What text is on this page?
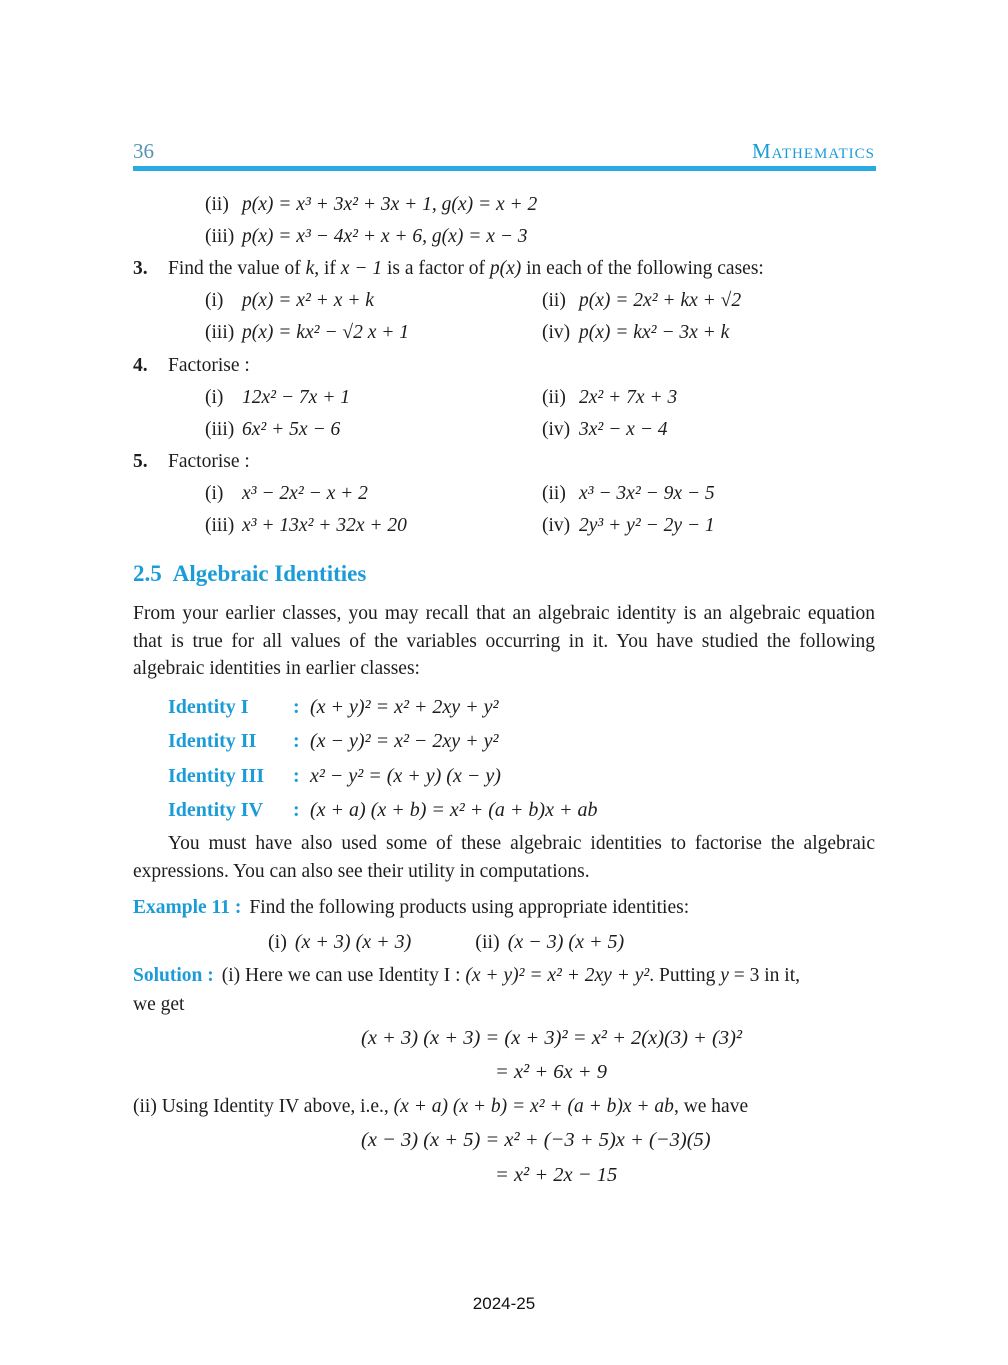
36	Mathematics
(ii) p(x) = x³ + 3x² + 3x + 1, g(x) = x + 2
(iii) p(x) = x³ − 4x² + x + 6, g(x) = x − 3
3.	Find the value of k, if x − 1 is a factor of p(x) in each of the following cases:
(i) p(x) = x² + x + k	(ii) p(x) = 2x² + kx + √2
(iii) p(x) = kx² − √2 x + 1	(iv) p(x) = kx² − 3x + k
4.	Factorise :
(i) 12x² − 7x + 1	(ii) 2x² + 7x + 3
(iii) 6x² + 5x − 6	(iv) 3x² − x − 4
5.	Factorise :
(i) x³ − 2x² − x + 2	(ii) x³ − 3x² − 9x − 5
(iii) x³ + 13x² + 32x + 20	(iv) 2y³ + y² − 2y − 1
2.5 Algebraic Identities
From your earlier classes, you may recall that an algebraic identity is an algebraic equation that is true for all values of the variables occurring in it. You have studied the following algebraic identities in earlier classes:
Identity I : (x + y)² = x² + 2xy + y²
Identity II : (x − y)² = x² − 2xy + y²
Identity III : x² − y² = (x + y) (x − y)
Identity IV : (x + a) (x + b) = x² + (a + b)x + ab
You must have also used some of these algebraic identities to factorise the algebraic expressions. You can also see their utility in computations.
Example 11 : Find the following products using appropriate identities:
(i) (x + 3) (x + 3)	(ii) (x − 3) (x + 5)
Solution : (i) Here we can use Identity I : (x + y)² = x² + 2xy + y². Putting y = 3 in it,
we get
(x + 3) (x + 3) = (x + 3)² = x² + 2(x)(3) + (3)²
= x² + 6x + 9
(ii) Using Identity IV above, i.e., (x + a) (x + b) = x² + (a + b)x + ab, we have
(x − 3) (x + 5) = x² + (−3 + 5)x + (−3)(5)
= x² + 2x − 15
2024-25
